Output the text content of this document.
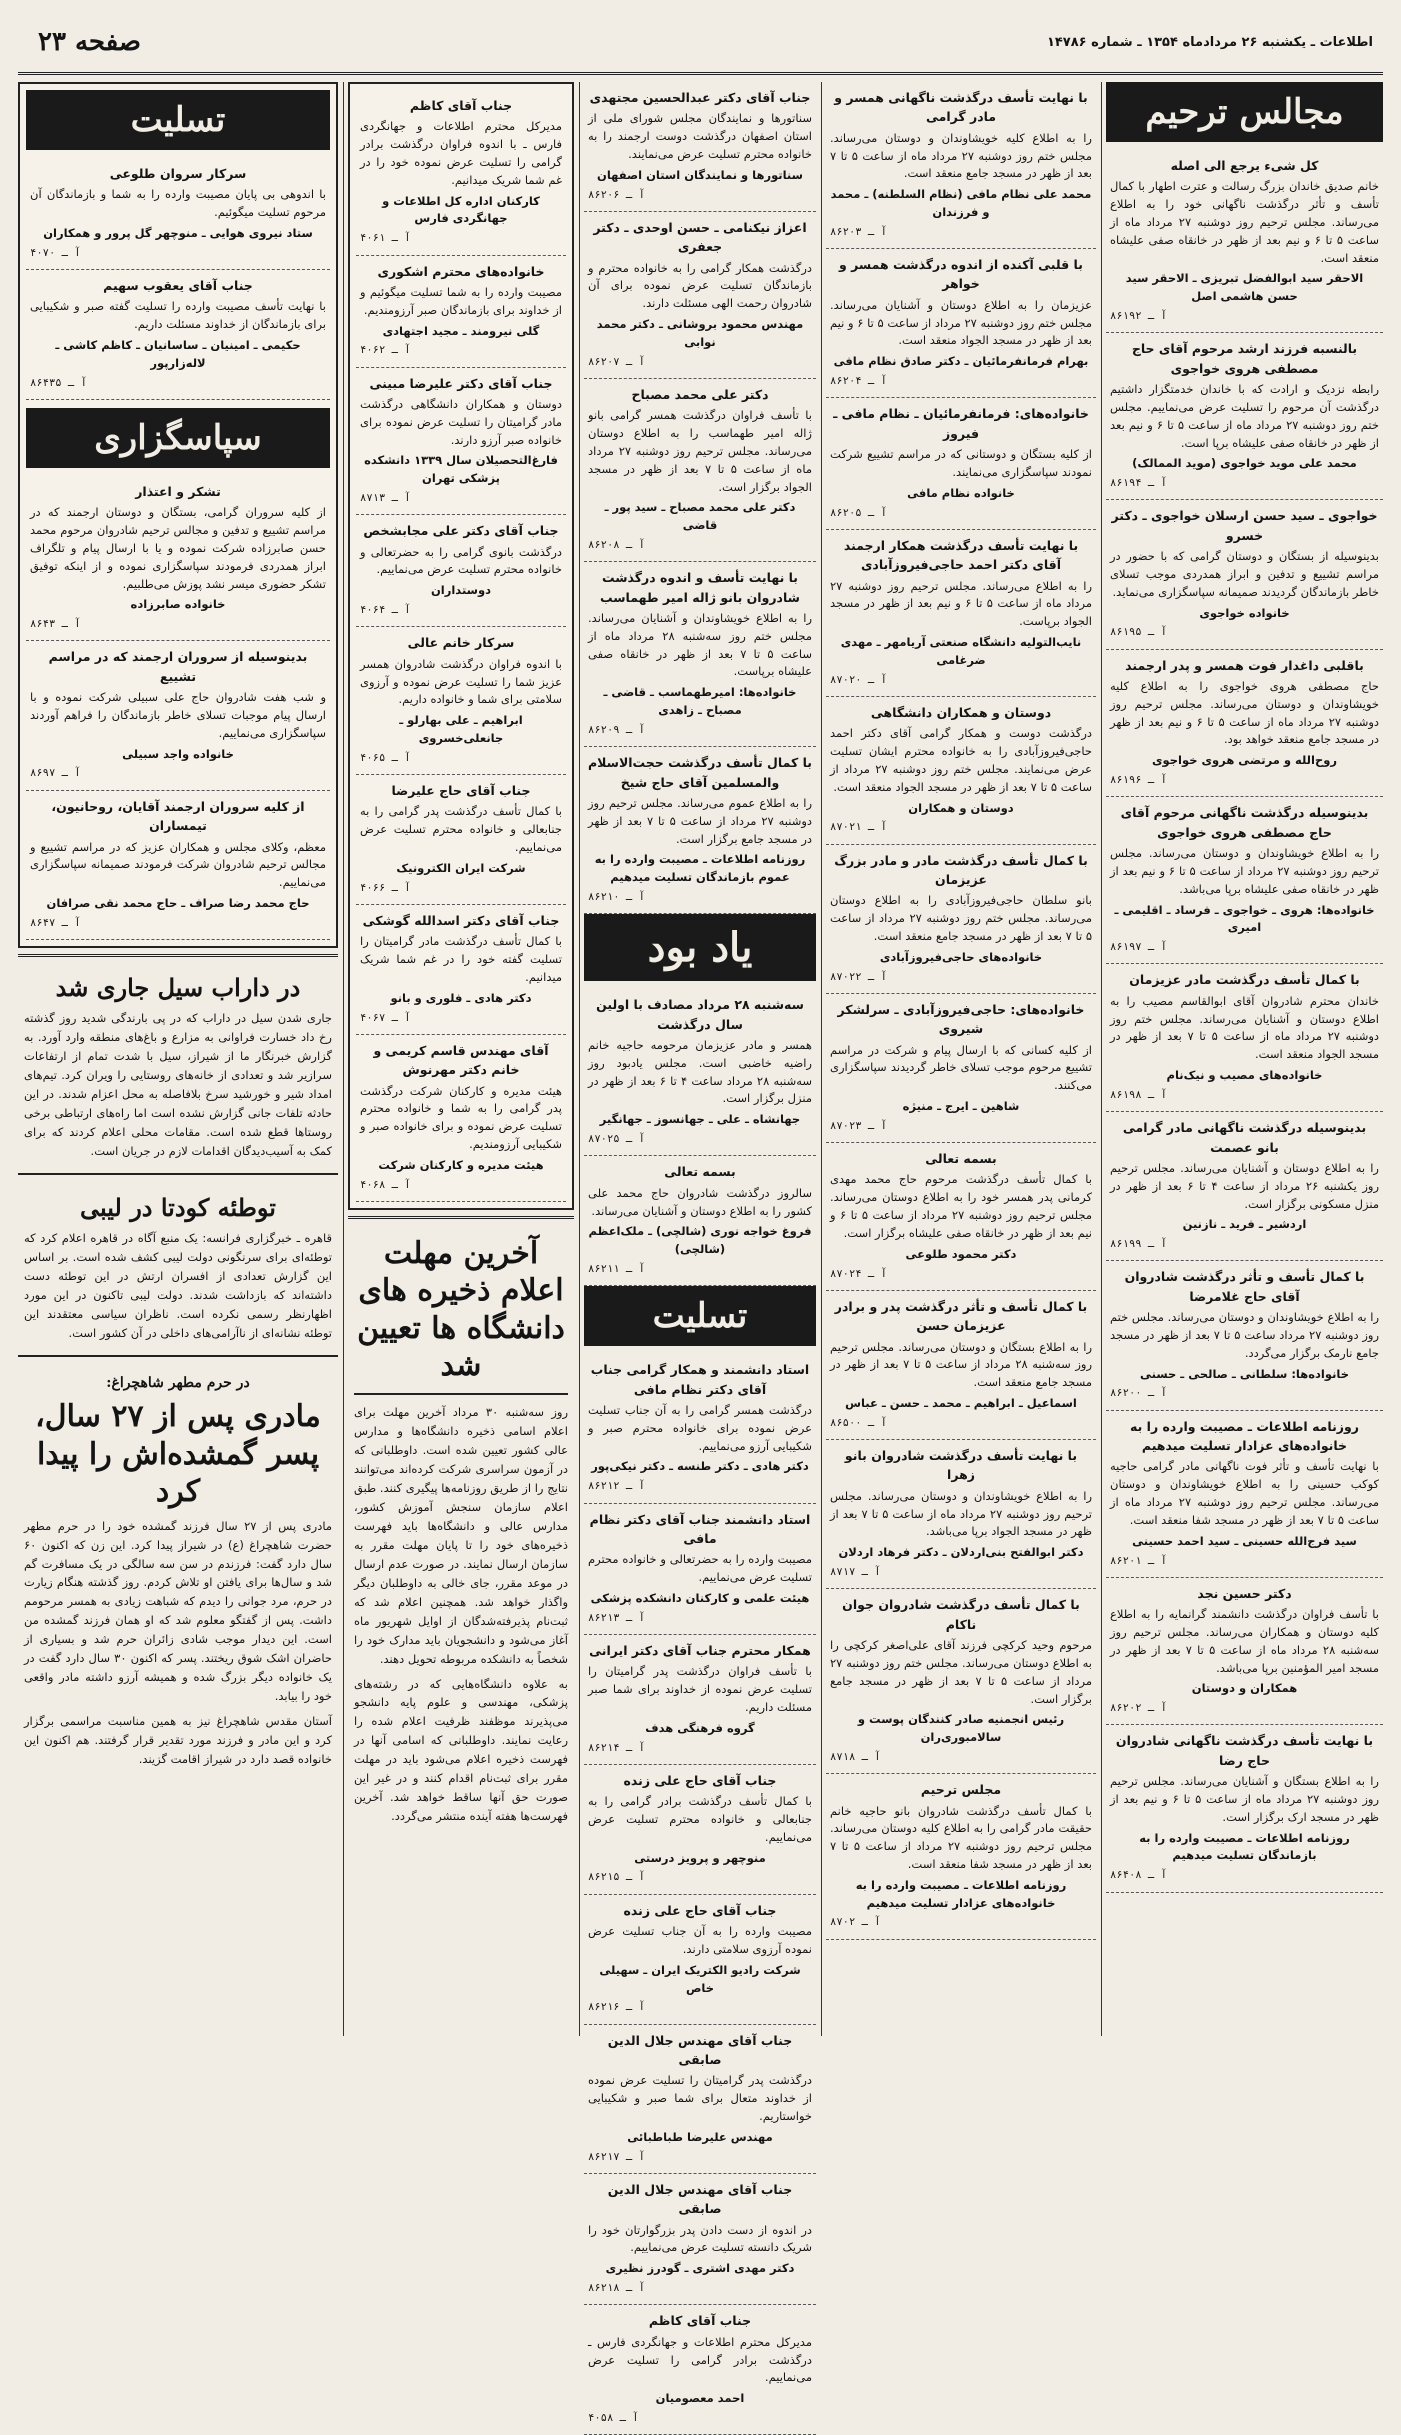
اطلاعات ـ یکشنبه ۲۶ مردادماه ۱۳۵۴ ـ شماره ۱۴۷۸۶
صفحه ۲۳
مجالس ترحیم
کل شیء یرجع الی اصله
خانم صدیق خاندان بزرگ رسالت و عترت اطهار با کمال تأسف و تأثر درگذشت ناگهانی خود را به اطلاع می‌رساند. مجلس ترحیم روز دوشنبه ۲۷ مرداد ماه از ساعت ۵ تا ۶ و نیم بعد از ظهر در خانقاه صفی علیشاه منعقد است.
الاحقر سید ابوالفضل تبریزی ـ الاحقر سید حسن هاشمی اصل
آ ـ ۸۶۱۹۲
بالنسبه فرزند ارشد مرحوم آقای حاج مصطفی هروی خواجوی
رابطه نزدیک و ارادت که با خاندان خدمتگزار داشتیم درگذشت آن مرحوم را تسلیت عرض می‌نماییم. مجلس ختم روز دوشنبه ۲۷ مرداد ماه از ساعت ۵ تا ۶ و نیم بعد از ظهر در خانقاه صفی علیشاه برپا است.
محمد علی موید خواجوی (موید الممالک)
آ ـ ۸۶۱۹۴
خواجوی ـ سید حسن ارسلان خواجوی ـ دکتر خسرو
بدینوسیله از بستگان و دوستان گرامی که با حضور در مراسم تشییع و تدفین و ابراز همدردی موجب تسلای خاطر بازماندگان گردیدند صمیمانه سپاسگزاری می‌نماید.
خانواده خواجوی
آ ـ ۸۶۱۹۵
باقلبی داغدار فوت همسر و پدر ارجمند
حاج مصطفی هروی خواجوی را به اطلاع کلیه خویشاوندان و دوستان می‌رساند. مجلس ترحیم روز دوشنبه ۲۷ مرداد ماه از ساعت ۵ تا ۶ و نیم بعد از ظهر در مسجد جامع منعقد خواهد بود.
روح‌الله و مرتضی هروی خواجوی
آ ـ ۸۶۱۹۶
بدینوسیله درگذشت ناگهانی مرحوم آقای حاج مصطفی هروی خواجوی
را به اطلاع خویشاوندان و دوستان می‌رساند. مجلس ترحیم روز دوشنبه ۲۷ مرداد از ساعت ۵ تا ۶ و نیم بعد از ظهر در خانقاه صفی علیشاه برپا می‌باشد.
خانواده‌ها: هروی ـ خواجوی ـ فرساد ـ اقلیمی ـ امیری
آ ـ ۸۶۱۹۷
با کمال تأسف درگذشت مادر عزیزمان
خاندان محترم شادروان آقای ابوالقاسم مصیب را به اطلاع دوستان و آشنایان می‌رساند. مجلس ختم روز دوشنبه ۲۷ مرداد ماه از ساعت ۵ تا ۷ بعد از ظهر در مسجد الجواد منعقد است.
خانواده‌های مصیب و نیک‌نام
آ ـ ۸۶۱۹۸
بدینوسیله درگذشت ناگهانی مادر گرامی بانو عصمت
را به اطلاع دوستان و آشنایان می‌رساند. مجلس ترحیم روز یکشنبه ۲۶ مرداد از ساعت ۴ تا ۶ بعد از ظهر در منزل مسکونی برگزار است.
اردشیر ـ فرید ـ نازنین
آ ـ ۸۶۱۹۹
با کمال تأسف و تأثر درگذشت شادروان آقای حاج غلامرضا
را به اطلاع خویشاوندان و دوستان می‌رساند. مجلس ختم روز دوشنبه ۲۷ مرداد ساعت ۵ تا ۷ بعد از ظهر در مسجد جامع نارمک برگزار می‌گردد.
خانواده‌ها: سلطانی ـ صالحی ـ حسنی
آ ـ ۸۶۲۰۰
روزنامه اطلاعات ـ مصیبت وارده را به خانواده‌های عزادار تسلیت میدهیم
با نهایت تأسف و تأثر فوت ناگهانی مادر گرامی حاجیه کوکب حسینی را به اطلاع خویشاوندان و دوستان می‌رساند. مجلس ترحیم روز دوشنبه ۲۷ مرداد ماه از ساعت ۵ تا ۷ بعد از ظهر در مسجد شفا منعقد است.
سید فرج‌الله حسینی ـ سید احمد حسینی
آ ـ ۸۶۲۰۱
دکتر حسین نجد
با تأسف فراوان درگذشت دانشمند گرانمایه را به اطلاع کلیه دوستان و همکاران می‌رساند. مجلس ترحیم روز سه‌شنبه ۲۸ مرداد ماه از ساعت ۵ تا ۷ بعد از ظهر در مسجد امیر المؤمنین برپا می‌باشد.
همکاران و دوستان
آ ـ ۸۶۲۰۲
با نهایت تأسف درگذشت ناگهانی شادروان حاج رضا
را به اطلاع بستگان و آشنایان می‌رساند. مجلس ترحیم روز دوشنبه ۲۷ مرداد ماه از ساعت ۵ تا ۶ و نیم بعد از ظهر در مسجد ارک برگزار است.
روزنامه اطلاعات ـ مصیبت وارده را به بازماندگان تسلیت میدهیم
آ ـ ۸۶۴۰۸
با نهایت تأسف درگذشت ناگهانی همسر و مادر گرامی
را به اطلاع کلیه خویشاوندان و دوستان می‌رساند. مجلس ختم روز دوشنبه ۲۷ مرداد ماه از ساعت ۵ تا ۷ بعد از ظهر در مسجد جامع منعقد است.
محمد علی نظام مافی (نظام السلطنه) ـ محمد و فرزندان
آ ـ ۸۶۲۰۳
با قلبی آکنده از اندوه درگذشت همسر و خواهر
عزیزمان را به اطلاع دوستان و آشنایان می‌رساند. مجلس ختم روز دوشنبه ۲۷ مرداد از ساعت ۵ تا ۶ و نیم بعد از ظهر در مسجد الجواد منعقد است.
بهرام فرمانفرمائیان ـ دکتر صادق نظام مافی
آ ـ ۸۶۲۰۴
خانواده‌های: فرمانفرمائیان ـ نظام مافی ـ فیروز
از کلیه بستگان و دوستانی که در مراسم تشییع شرکت نمودند سپاسگزاری می‌نمایند.
خانواده نظام مافی
آ ـ ۸۶۲۰۵
با نهایت تأسف درگذشت همکار ارجمند آقای دکتر احمد حاجی‌فیروزآبادی
را به اطلاع می‌رساند. مجلس ترحیم روز دوشنبه ۲۷ مرداد ماه از ساعت ۵ تا ۶ و نیم بعد از ظهر در مسجد الجواد برپاست.
نایب‌التولیه دانشگاه صنعتی آریامهر ـ مهدی ضرغامی
آ ـ ۸۷۰۲۰
دوستان و همکاران دانشگاهی
درگذشت دوست و همکار گرامی آقای دکتر احمد حاجی‌فیروزآبادی را به خانواده محترم ایشان تسلیت عرض می‌نمایند. مجلس ختم روز دوشنبه ۲۷ مرداد از ساعت ۵ تا ۷ بعد از ظهر در مسجد الجواد منعقد است.
دوستان و همکاران
آ ـ ۸۷۰۲۱
با کمال تأسف درگذشت مادر و مادر بزرگ عزیزمان
بانو سلطان حاجی‌فیروزآبادی را به اطلاع دوستان می‌رساند. مجلس ختم روز دوشنبه ۲۷ مرداد از ساعت ۵ تا ۷ بعد از ظهر در مسجد جامع منعقد است.
خانواده‌های حاجی‌فیروزآبادی
آ ـ ۸۷۰۲۲
خانواده‌های: حاجی‌فیروزآبادی ـ سرلشکر شیروی
از کلیه کسانی که با ارسال پیام و شرکت در مراسم تشییع مرحوم موجب تسلای خاطر گردیدند سپاسگزاری می‌کنند.
شاهین ـ ایرج ـ منیژه
آ ـ ۸۷۰۲۳
بسمه تعالی
با کمال تأسف درگذشت مرحوم حاج محمد مهدی کرمانی پدر همسر خود را به اطلاع دوستان می‌رساند. مجلس ترحیم روز دوشنبه ۲۷ مرداد از ساعت ۵ تا ۶ و نیم بعد از ظهر در خانقاه صفی علیشاه برگزار است.
دکتر محمود طلوعی
آ ـ ۸۷۰۲۴
با کمال تأسف و تأثر درگذشت پدر و برادر عزیزمان حسن
را به اطلاع بستگان و دوستان می‌رساند. مجلس ترحیم روز سه‌شنبه ۲۸ مرداد از ساعت ۵ تا ۷ بعد از ظهر در مسجد جامع منعقد است.
اسماعیل ـ ابراهیم ـ محمد ـ حسن ـ عباس
آ ـ ۸۶۵۰۰
با نهایت تأسف درگذشت شادروان بانو زهرا
را به اطلاع خویشاوندان و دوستان می‌رساند. مجلس ترحیم روز دوشنبه ۲۷ مرداد ماه از ساعت ۵ تا ۷ بعد از ظهر در مسجد الجواد برپا می‌باشد.
دکتر ابوالفتح بنی‌اردلان ـ دکتر فرهاد اردلان
آ ـ ۸۷۱۷
با کمال تأسف درگذشت شادروان جوان ناکام
مرحوم وحید کرکچی فرزند آقای علی‌اصغر کرکچی را به اطلاع دوستان می‌رساند. مجلس ختم روز دوشنبه ۲۷ مرداد از ساعت ۵ تا ۷ بعد از ظهر در مسجد جامع برگزار است.
رئیس انجمنیه صادر کنندگان پوست و سالامبوری‌ران
آ ـ ۸۷۱۸
مجلس ترحیم
با کمال تأسف درگذشت شادروان بانو حاجیه خانم حقیقت مادر گرامی را به اطلاع کلیه دوستان می‌رساند. مجلس ترحیم روز دوشنبه ۲۷ مرداد از ساعت ۵ تا ۷ بعد از ظهر در مسجد شفا منعقد است.
روزنامه اطلاعات ـ مصیبت وارده را به خانواده‌های عزادار تسلیت میدهیم
آ ـ ۸۷۰۲
جناب آقای دکتر عبدالحسین مجتهدی
سناتورها و نمایندگان مجلس شورای ملی از استان اصفهان درگذشت دوست ارجمند را به خانواده محترم تسلیت عرض می‌نمایند.
سناتورها و نمایندگان استان اصفهان
آ ـ ۸۶۲۰۶
اعزاز نیکنامی ـ حسن اوحدی ـ دکتر جعفری
درگذشت همکار گرامی را به خانواده محترم و بازماندگان تسلیت عرض نموده برای آن شادروان رحمت الهی مسئلت دارند.
مهندس محمود بروشانی ـ دکتر محمد نوابی
آ ـ ۸۶۲۰۷
دکتر علی محمد مصباح
با تأسف فراوان درگذشت همسر گرامی بانو ژاله امیر طهماسب را به اطلاع دوستان می‌رساند. مجلس ترحیم روز دوشنبه ۲۷ مرداد ماه از ساعت ۵ تا ۷ بعد از ظهر در مسجد الجواد برگزار است.
دکتر علی محمد مصباح ـ سید پور ـ قاضی
آ ـ ۸۶۲۰۸
با نهایت تأسف و اندوه درگذشت شادروان بانو ژاله امیر طهماسب
را به اطلاع خویشاوندان و آشنایان می‌رساند. مجلس ختم روز سه‌شنبه ۲۸ مرداد ماه از ساعت ۵ تا ۷ بعد از ظهر در خانقاه صفی علیشاه برپاست.
خانواده‌ها: امیرطهماسب ـ قاضی ـ مصباح ـ زاهدی
آ ـ ۸۶۲۰۹
با کمال تأسف درگذشت حجت‌الاسلام والمسلمین آقای حاج شیخ
را به اطلاع عموم می‌رساند. مجلس ترحیم روز دوشنبه ۲۷ مرداد از ساعت ۵ تا ۷ بعد از ظهر در مسجد جامع برگزار است.
روزنامه اطلاعات ـ مصیبت وارده را به عموم بازماندگان تسلیت میدهیم
آ ـ ۸۶۲۱۰
یاد بود
سه‌شنبه ۲۸ مرداد مصادف با اولین سال درگذشت
همسر و مادر عزیزمان مرحومه حاجیه خانم راضیه خاضبی است. مجلس یادبود روز سه‌شنبه ۲۸ مرداد ساعت ۴ تا ۶ بعد از ظهر در منزل برگزار است.
جهانشاه ـ علی ـ جهانسوز ـ جهانگیر
آ ـ ۸۷۰۲۵
بسمه تعالی
سالروز درگذشت شادروان حاج محمد علی کشور را به اطلاع دوستان و آشنایان می‌رساند.
فروغ خواجه نوری (شالچی) ـ ملک‌اعظم (شالچی)
آ ـ ۸۶۲۱۱
تسلیت
استاد دانشمند و همکار گرامی جناب آقای دکتر نظام مافی
درگذشت همسر گرامی را به آن جناب تسلیت عرض نموده برای خانواده محترم صبر و شکیبایی آرزو می‌نماییم.
دکتر هادی ـ دکتر طنسه ـ دکتر نیکی‌پور
آ ـ ۸۶۲۱۲
استاد دانشمند جناب آقای دکتر نظام مافی
مصیبت وارده را به حضرتعالی و خانواده محترم تسلیت عرض می‌نماییم.
هیئت علمی و کارکنان دانشکده پزشکی
آ ـ ۸۶۲۱۳
همکار محترم جناب آقای دکتر ایرانی
با تأسف فراوان درگذشت پدر گرامیتان را تسلیت عرض نموده از خداوند برای شما صبر مسئلت داریم.
گروه فرهنگی هدف
آ ـ ۸۶۲۱۴
جناب آقای حاج علی زنده
با کمال تأسف درگذشت برادر گرامی را به جنابعالی و خانواده محترم تسلیت عرض می‌نماییم.
منوچهر و پرویز درستی
آ ـ ۸۶۲۱۵
جناب آقای حاج علی زنده
مصیبت وارده را به آن جناب تسلیت عرض نموده آرزوی سلامتی دارند.
شرکت رادیو الکتریک ایران ـ سهیلی خاص
آ ـ ۸۶۲۱۶
جناب آقای مهندس جلال الدین صابقی
درگذشت پدر گرامیتان را تسلیت عرض نموده از خداوند متعال برای شما صبر و شکیبایی خواستاریم.
مهندس علیرضا طباطبائی
آ ـ ۸۶۲۱۷
جناب آقای مهندس جلال الدین صابقی
در اندوه از دست دادن پدر بزرگوارتان خود را شریک دانسته تسلیت عرض می‌نماییم.
دکتر مهدی اشتری ـ گودرز نظیری
آ ـ ۸۶۲۱۸
جناب آقای کاظم
مدیرکل محترم اطلاعات و جهانگردی فارس ـ درگذشت برادر گرامی را تسلیت عرض می‌نماییم.
احمد معصومیان
آ ـ ۴۰۵۸
جناب آقای کاظم
مدیرکل محترم اطلاعات و جهانگردی فارس ـ با اندوه فراوان درگذشت برادر گرامی را تسلیت عرض نموده خود را در غم شما شریک میدانیم.
کارکنان اداره کل اطلاعات و جهانگردی فارس
آ ـ ۴۰۶۱
خانواده‌های محترم اشکوری
مصیبت وارده را به شما تسلیت میگوئیم و از خداوند برای بازماندگان صبر آرزومندیم.
گلی نیرومند ـ مجید اجتهادی
آ ـ ۴۰۶۲
جناب آقای دکتر علیرضا مبینی
دوستان و همکاران دانشگاهی درگذشت مادر گرامیتان را تسلیت عرض نموده برای خانواده صبر آرزو دارند.
فارغ‌التحصیلان سال ۱۳۳۹ دانشکده پزشکی تهران
آ ـ ۸۷۱۳
جناب آقای دکتر علی مجابشخص
درگذشت بانوی گرامی را به حضرتعالی و خانواده محترم تسلیت عرض می‌نماییم.
دوستداران
آ ـ ۴۰۶۴
سرکار خانم عالی
با اندوه فراوان درگذشت شادروان همسر عزیز شما را تسلیت عرض نموده و آرزوی سلامتی برای شما و خانواده داریم.
ابراهیم ـ علی بهارلو ـ جانعلی‌خسروی
آ ـ ۴۰۶۵
جناب آقای حاج علیرضا
با کمال تأسف درگذشت پدر گرامی را به جنابعالی و خانواده محترم تسلیت عرض می‌نماییم.
شرکت ایران الکترونیک
آ ـ ۴۰۶۶
جناب آقای دکتر اسدالله گوشکی
با کمال تأسف درگذشت مادر گرامیتان را تسلیت گفته خود را در غم شما شریک میدانیم.
دکتر هادی ـ فلوری و بانو
آ ـ ۴۰۶۷
آقای مهندس قاسم کریمی و خانم دکتر مهرنوش
هیئت مدیره و کارکنان شرکت درگذشت پدر گرامی را به شما و خانواده محترم تسلیت عرض نموده و برای خانواده صبر و شکیبایی آرزومندیم.
هیئت مدیره و کارکنان شرکت
آ ـ ۴۰۶۸
آخرین مهلت اعلام ذخیره های دانشگاه ها تعیین شد
روز سه‌شنبه ۳۰ مرداد آخرین مهلت برای اعلام اسامی ذخیره دانشگاه‌ها و مدارس عالی کشور تعیین شده است. داوطلبانی که در آزمون سراسری شرکت کرده‌اند می‌توانند نتایج را از طریق روزنامه‌ها پیگیری کنند. طبق اعلام سازمان سنجش آموزش کشور، مدارس عالی و دانشگاه‌ها باید فهرست ذخیره‌های خود را تا پایان مهلت مقرر به سازمان ارسال نمایند. در صورت عدم ارسال در موعد مقرر، جای خالی به داوطلبان دیگر واگذار خواهد شد. همچنین اعلام شد که ثبت‌نام پذیرفته‌شدگان از اوایل شهریور ماه آغاز می‌شود و دانشجویان باید مدارک خود را شخصاً به دانشکده مربوطه تحویل دهند.
به علاوه دانشگاه‌هایی که در رشته‌های پزشکی، مهندسی و علوم پایه دانشجو می‌پذیرند موظفند ظرفیت اعلام شده را رعایت نمایند. داوطلبانی که اسامی آنها در فهرست ذخیره اعلام می‌شود باید در مهلت مقرر برای ثبت‌نام اقدام کنند و در غیر این صورت حق آنها ساقط خواهد شد. آخرین فهرست‌ها هفته آینده منتشر می‌گردد.
تسلیت
سرکار سروان طلوعی
با اندوهی بی پایان مصیبت وارده را به شما و بازماندگان آن مرحوم تسلیت میگوئیم.
ستاد نیروی هوایی ـ منوچهر گل پرور و همکاران
آ ـ ۴۰۷۰
جناب آقای یعقوب سهیم
با نهایت تأسف مصیبت وارده را تسلیت گفته صبر و شکیبایی برای بازماندگان از خداوند مسئلت داریم.
حکیمی ـ امینیان ـ ساسانیان ـ کاظم کاشی ـ لاله‌زارپور
آ ـ ۸۶۴۳۵
سپاسگزاری
تشکر و اعتذار
از کلیه سروران گرامی، بستگان و دوستان ارجمند که در مراسم تشییع و تدفین و مجالس ترحیم شادروان مرحوم محمد حسن صابرزاده شرکت نموده و یا با ارسال پیام و تلگراف ابراز همدردی فرمودند سپاسگزاری نموده و از اینکه توفیق تشکر حضوری میسر نشد پوزش می‌طلبیم.
خانواده صابرزاده
آ ـ ۸۶۴۳
بدینوسیله از سروران ارجمند که در مراسم تشییع
و شب هفت شادروان حاج علی سبیلی شرکت نموده و با ارسال پیام موجبات تسلای خاطر بازماندگان را فراهم آوردند سپاسگزاری می‌نماییم.
خانواده واجد سبیلی
آ ـ ۸۶۹۷
از کلیه سروران ارجمند آقایان، روحانیون، تیمساران
معظم، وکلای مجلس و همکاران عزیز که در مراسم تشییع و مجالس ترحیم شادروان شرکت فرمودند صمیمانه سپاسگزاری می‌نماییم.
حاج محمد رضا صراف ـ حاج محمد نقی صرافان
آ ـ ۸۶۴۷
در داراب سیل جاری شد
جاری شدن سیل در داراب که در پی بارندگی شدید روز گذشته رخ داد خسارت فراوانی به مزارع و باغ‌های منطقه وارد آورد. به گزارش خبرنگار ما از شیراز، سیل با شدت تمام از ارتفاعات سرازیر شد و تعدادی از خانه‌های روستایی را ویران کرد. تیم‌های امداد شیر و خورشید سرخ بلافاصله به محل اعزام شدند. در این حادثه تلفات جانی گزارش نشده است اما راه‌های ارتباطی برخی روستاها قطع شده است. مقامات محلی اعلام کردند که برای کمک به آسیب‌دیدگان اقدامات لازم در جریان است.
توطئه کودتا در لیبی
قاهره ـ خبرگزاری فرانسه: یک منبع آگاه در قاهره اعلام کرد که توطئه‌ای برای سرنگونی دولت لیبی کشف شده است. بر اساس این گزارش تعدادی از افسران ارتش در این توطئه دست داشته‌اند که بازداشت شدند. دولت لیبی تاکنون در این مورد اظهارنظر رسمی نکرده است. ناظران سیاسی معتقدند این توطئه نشانه‌ای از ناآرامی‌های داخلی در آن کشور است.
در حرم مطهر شاهچراغ:
مادری پس از ۲۷ سال، پسر گمشده‌اش را پیدا کرد
مادری پس از ۲۷ سال فرزند گمشده خود را در حرم مطهر حضرت شاهچراغ (ع) در شیراز پیدا کرد. این زن که اکنون ۶۰ سال دارد گفت: فرزندم در سن سه سالگی در یک مسافرت گم شد و سال‌ها برای یافتن او تلاش کردم. روز گذشته هنگام زیارت در حرم، مرد جوانی را دیدم که شباهت زیادی به همسر مرحومم داشت. پس از گفتگو معلوم شد که او همان فرزند گمشده من است. این دیدار موجب شادی زائران حرم شد و بسیاری از حاضران اشک شوق ریختند. پسر که اکنون ۳۰ سال دارد گفت در یک خانواده دیگر بزرگ شده و همیشه آرزو داشته مادر واقعی خود را بیابد.
آستان مقدس شاهچراغ نیز به همین مناسبت مراسمی برگزار کرد و این مادر و فرزند مورد تقدیر قرار گرفتند. هم اکنون این خانواده قصد دارد در شیراز اقامت گزیند.
